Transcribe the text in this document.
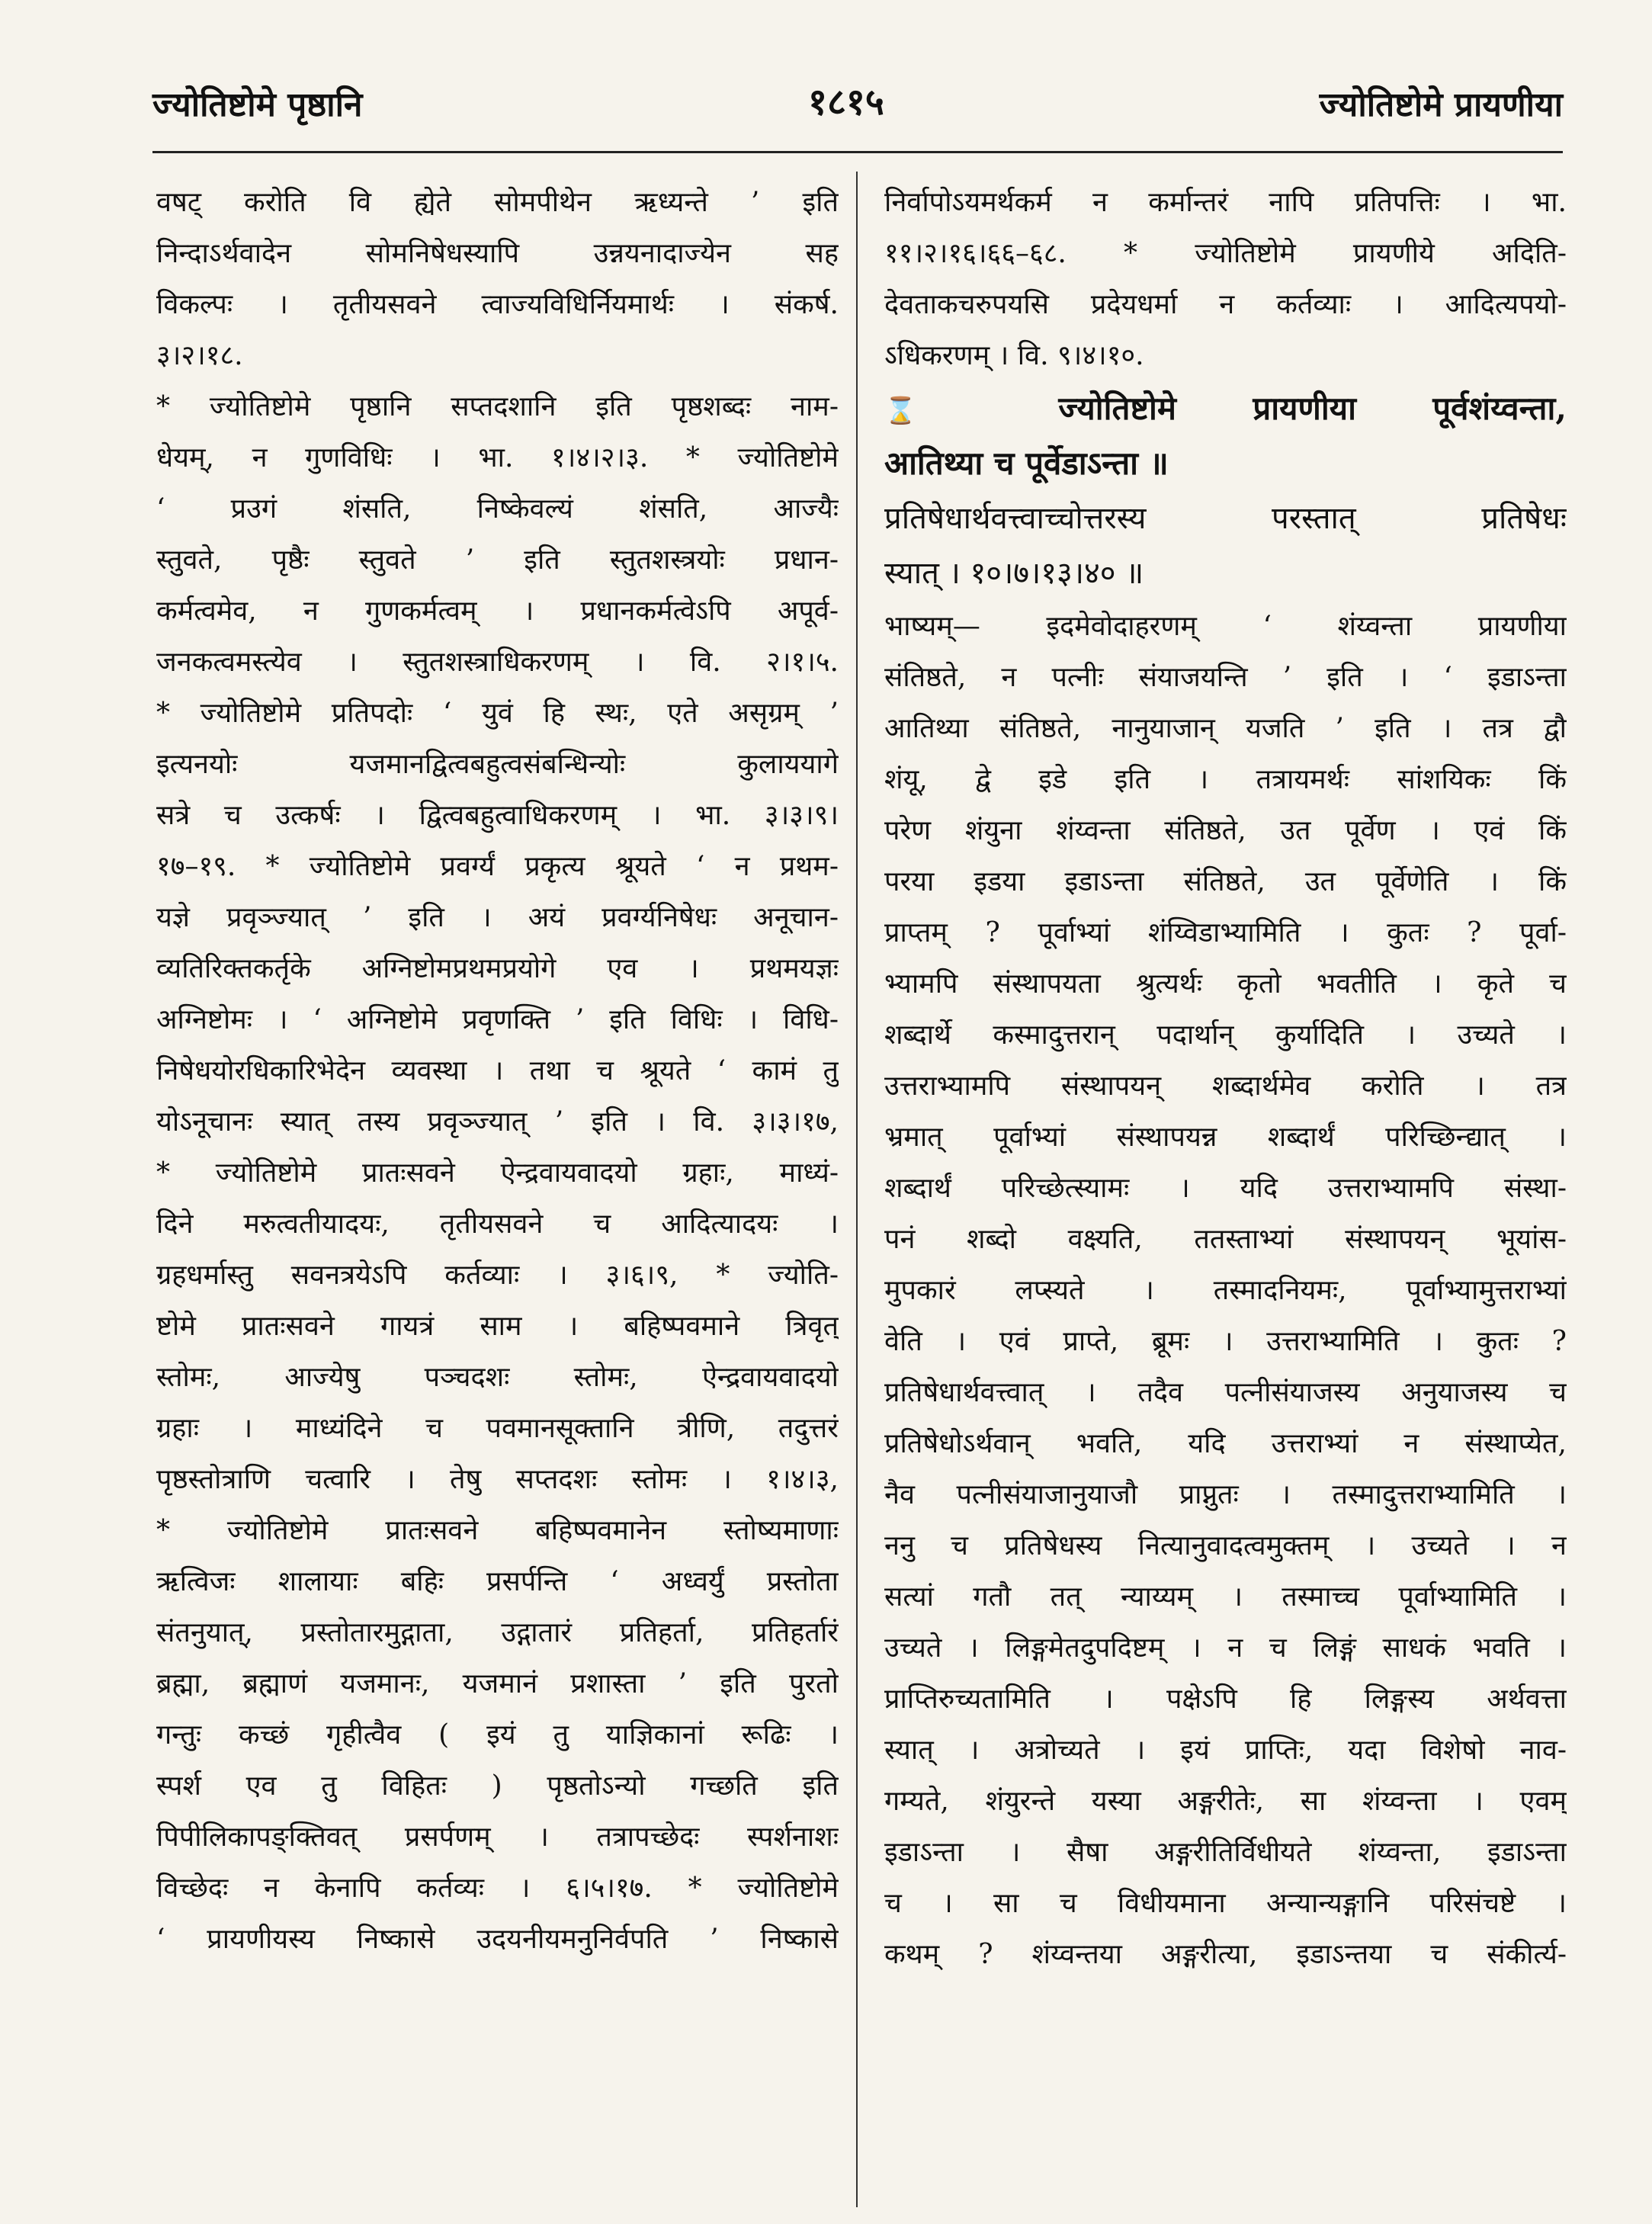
ज्योतिष्टोमे पृष्ठानि	१८१५	ज्योतिष्टोमे प्रायणीया
वषट् करोति वि ह्येते सोमपीथेन ऋध्यन्ते ’ इति
निन्दाऽर्थवादेन सोमनिषेधस्यापि उन्नयनादाज्येन सह
विकल्पः । तृतीयसवने त्वाज्यविधिर्नियमार्थः । संकर्ष.
३।२।१८.
* ज्योतिष्टोमे पृष्ठानि सप्तदशानि इति पृष्ठशब्दः नाम-
धेयम्, न गुणविधिः । भा. १।४।२।३. * ज्योतिष्टोमे
‘ प्रउगं शंसति, निष्केवल्यं शंसति, आज्यैः
स्तुवते, पृष्ठैः स्तुवते ’ इति स्तुतशस्त्रयोः प्रधान-
कर्मत्वमेव, न गुणकर्मत्वम् । प्रधानकर्मत्वेऽपि अपूर्व-
जनकत्वमस्त्येव । स्तुतशस्त्राधिकरणम् । वि. २।१।५.
* ज्योतिष्टोमे प्रतिपदोः ‘ युवं हि स्थः, एते असृग्रम् ’
इत्यनयोः यजमानद्वित्वबहुत्वसंबन्धिन्योः कुलाययागे
सत्रे च उत्कर्षः । द्वित्वबहुत्वाधिकरणम् । भा. ३।३।९।
१७–१९. * ज्योतिष्टोमे प्रवर्ग्यं प्रकृत्य श्रूयते ‘ न प्रथम-
यज्ञे प्रवृञ्ज्यात् ’ इति । अयं प्रवर्ग्यनिषेधः अनूचान-
व्यतिरिक्तकर्तृके अग्निष्टोमप्रथमप्रयोगे एव । प्रथमयज्ञः
अग्निष्टोमः । ‘ अग्निष्टोमे प्रवृणक्ति ’ इति विधिः । विधि-
निषेधयोरधिकारिभेदेन व्यवस्था । तथा च श्रूयते ‘ कामं तु
योऽनूचानः स्यात् तस्य प्रवृञ्ज्यात् ’ इति । वि. ३।३।१७,
* ज्योतिष्टोमे प्रातःसवने ऐन्द्रवायवादयो ग्रहाः, माध्यं-
दिने मरुत्वतीयादयः, तृतीयसवने च आदित्यादयः ।
ग्रहधर्मास्तु सवनत्रयेऽपि कर्तव्याः । ३।६।९, * ज्योति-
ष्टोमे प्रातःसवने गायत्रं साम । बहिष्पवमाने त्रिवृत्
स्तोमः, आज्येषु पञ्चदशः स्तोमः, ऐन्द्रवायवादयो
ग्रहाः । माध्यंदिने च पवमानसूक्तानि त्रीणि, तदुत्तरं
पृष्ठस्तोत्राणि चत्वारि । तेषु सप्तदशः स्तोमः । १।४।३,
* ज्योतिष्टोमे प्रातःसवने बहिष्पवमानेन स्तोष्यमाणाः
ऋत्विजः शालायाः बहिः प्रसर्पन्ति ‘ अध्वर्युं प्रस्तोता
संतनुयात्, प्रस्तोतारमुद्गाता, उद्गातारं प्रतिहर्ता, प्रतिहर्तारं
ब्रह्मा, ब्रह्माणं यजमानः, यजमानं प्रशास्ता ’ इति पुरतो
गन्तुः कच्छं गृहीत्वैव ( इयं तु याज्ञिकानां रूढिः ।
स्पर्श एव तु विहितः ) पृष्ठतोऽन्यो गच्छति इति
पिपीलिकापङ्क्तिवत् प्रसर्पणम् । तत्रापच्छेदः स्पर्शनाशः
विच्छेदः न केनापि कर्तव्यः । ६।५।१७. * ज्योतिष्टोमे
‘ प्रायणीयस्य निष्कासे उदयनीयमनुनिर्वपति ’ निष्कासे
निर्वापोऽयमर्थकर्म न कर्मान्तरं नापि प्रतिपत्तिः । भा.
११।२।१६।६६–६८. * ज्योतिष्टोमे प्रायणीये अदिति-
देवताकचरुपयसि प्रदेयधर्मा न कर्तव्याः । आदित्यपयो-
ऽधिकरणम् । वि. ९।४।१०.
⌛ ज्योतिष्टोमे प्रायणीया पूर्वशंय्वन्ता,
आतिथ्या च पूर्वेडाऽन्ता ॥
प्रतिषेधार्थवत्त्वाच्चोत्तरस्य परस्तात् प्रतिषेधः
स्यात् । १०।७।१३।४० ॥
भाष्यम्— इदमेवोदाहरणम् ‘ शंय्वन्ता प्रायणीया
संतिष्ठते, न पत्नीः संयाजयन्ति ’ इति । ‘ इडाऽन्ता
आतिथ्या संतिष्ठते, नानुयाजान् यजति ’ इति । तत्र द्वौ
शंयू, द्वे इडे इति । तत्रायमर्थः सांशयिकः किं
परेण शंयुना शंय्वन्ता संतिष्ठते, उत पूर्वेण । एवं किं
परया इडया इडाऽन्ता संतिष्ठते, उत पूर्वेणेति । किं
प्राप्तम् ? पूर्वाभ्यां शंय्विडाभ्यामिति । कुतः ? पूर्वा-
भ्यामपि संस्थापयता श्रुत्यर्थः कृतो भवतीति । कृते च
शब्दार्थे कस्मादुत्तरान् पदार्थान् कुर्यादिति । उच्यते ।
उत्तराभ्यामपि संस्थापयन् शब्दार्थमेव करोति । तत्र
भ्रमात् पूर्वाभ्यां संस्थापयन्न शब्दार्थं परिच्छिन्द्यात् ।
शब्दार्थं परिच्छेत्स्यामः । यदि उत्तराभ्यामपि संस्था-
पनं शब्दो वक्ष्यति, ततस्ताभ्यां संस्थापयन् भूयांस-
मुपकारं लप्स्यते । तस्मादनियमः, पूर्वाभ्यामुत्तराभ्यां
वेति । एवं प्राप्ते, ब्रूमः । उत्तराभ्यामिति । कुतः ?
प्रतिषेधार्थवत्त्वात् । तदैव पत्नीसंयाजस्य अनुयाजस्य च
प्रतिषेधोऽर्थवान् भवति, यदि उत्तराभ्यां न संस्थाप्येत,
नैव पत्नीसंयाजानुयाजौ प्राप्नुतः । तस्मादुत्तराभ्यामिति ।
ननु च प्रतिषेधस्य नित्यानुवादत्वमुक्तम् । उच्यते । न
सत्यां गतौ तत् न्याय्यम् । तस्माच्च पूर्वाभ्यामिति ।
उच्यते । लिङ्गमेतदुपदिष्टम् । न च लिङ्गं साधकं भवति ।
प्राप्तिरुच्यतामिति । पक्षेऽपि हि लिङ्गस्य अर्थवत्ता
स्यात् । अत्रोच्यते । इयं प्राप्तिः, यदा विशेषो नाव-
गम्यते, शंयुरन्ते यस्या अङ्गरीतेः, सा शंय्वन्ता । एवम्
इडाऽन्ता । सैषा अङ्गरीतिर्विधीयते शंय्वन्ता, इडाऽन्ता
च । सा च विधीयमाना अन्यान्यङ्गानि परिसंचष्टे ।
कथम् ? शंय्वन्तया अङ्गरीत्या, इडाऽन्तया च संकीर्त्य-
